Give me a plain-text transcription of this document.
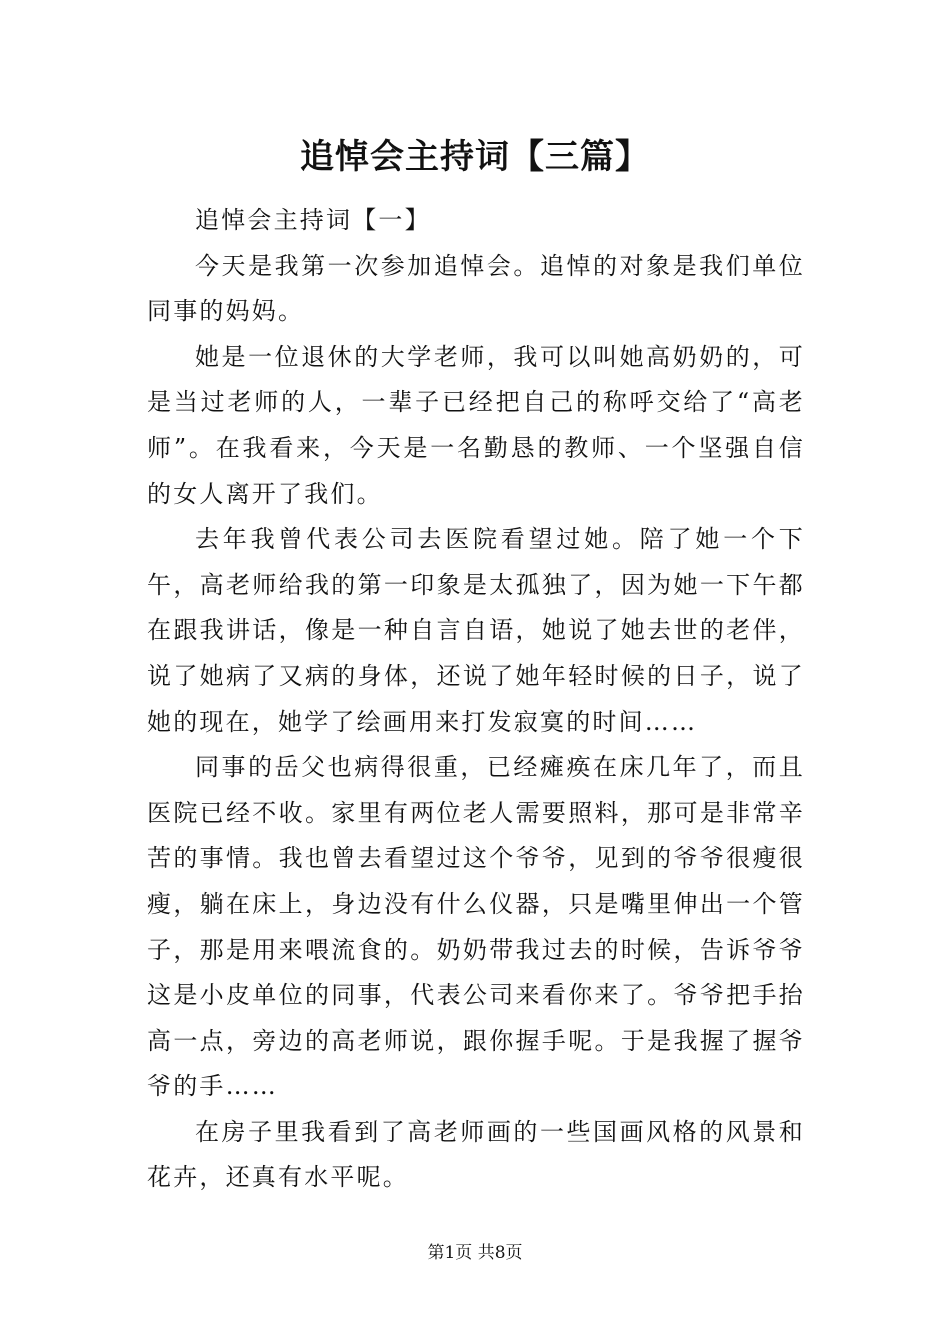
追悼会主持词【三篇】

追悼会主持词【一】

今天是我第一次参加追悼会。追悼的对象是我们单位同事的妈妈。

她是一位退休的大学老师，我可以叫她高奶奶的，可是当过老师的人，一辈子已经把自己的称呼交给了“高老师”。在我看来，今天是一名勤恳的教师、一个坚强自信的女人离开了我们。

去年我曾代表公司去医院看望过她。陪了她一个下午，高老师给我的第一印象是太孤独了，因为她一下午都在跟我讲话，像是一种自言自语，她说了她去世的老伴，说了她病了又病的身体，还说了她年轻时候的日子，说了她的现在，她学了绘画用来打发寂寞的时间……

同事的岳父也病得很重，已经瘫痪在床几年了，而且医院已经不收。家里有两位老人需要照料，那可是非常辛苦的事情。我也曾去看望过这个爷爷，见到的爷爷很瘦很瘦，躺在床上，身边没有什么仪器，只是嘴里伸出一个管子，那是用来喂流食的。奶奶带我过去的时候，告诉爷爷这是小皮单位的同事，代表公司来看你来了。爷爷把手抬高一点，旁边的高老师说，跟你握手呢。于是我握了握爷爷的手……

在房子里我看到了高老师画的一些国画风格的风景和花卉，还真有水平呢。

第1页 共8页
